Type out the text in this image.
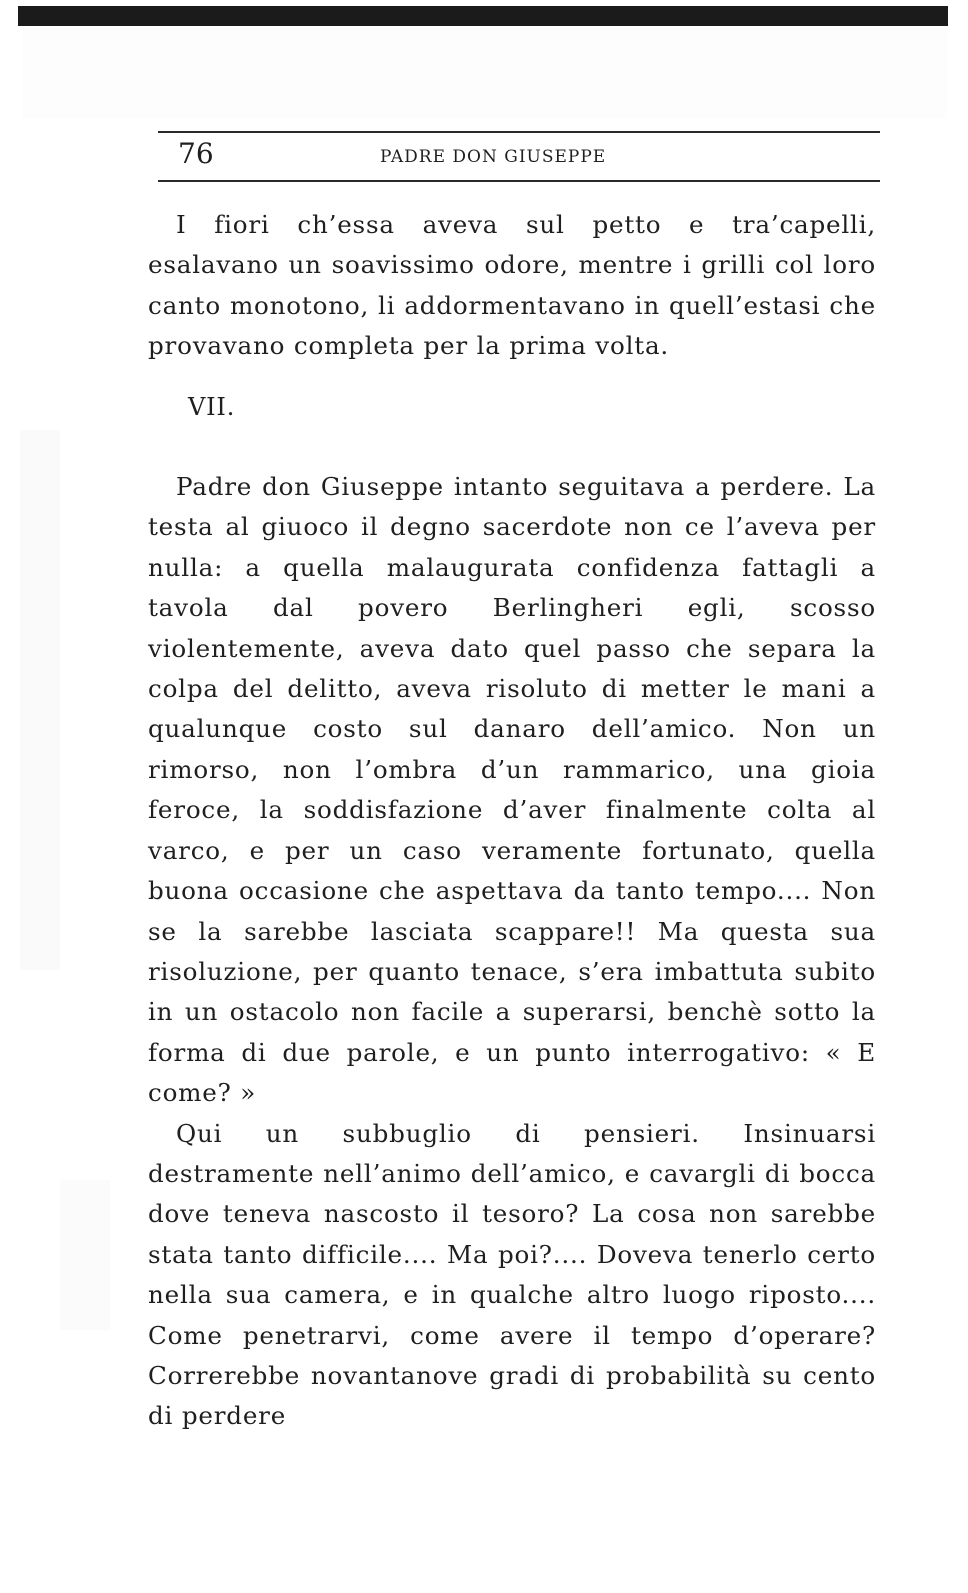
76	PADRE DON GIUSEPPE

I fiori ch’essa aveva sul petto e tra’capelli, esalavano un soavissimo odore, mentre i grilli col loro canto monotono, li addormentavano in quell’estasi che provavano completa per la prima volta.

VII.

Padre don Giuseppe intanto seguitava a perdere. La testa al giuoco il degno sacerdote non ce l’aveva per nulla: a quella malaugurata confidenza fattagli a tavola dal povero Berlingheri egli, scosso violentemente, aveva dato quel passo che separa la colpa del delitto, aveva risoluto di metter le mani a qualunque costo sul danaro dell’amico. Non un rimorso, non l’ombra d’un rammarico, una gioia feroce, la soddisfazione d’aver finalmente colta al varco, e per un caso veramente fortunato, quella buona occasione che aspettava da tanto tempo.... Non se la sarebbe lasciata scappare!! Ma questa sua risoluzione, per quanto tenace, s’era imbattuta subito in un ostacolo non facile a superarsi, benchè sotto la forma di due parole, e un punto interrogativo: « E come? »

Qui un subbuglio di pensieri. Insinuarsi destramente nell’animo dell’amico, e cavargli di bocca dove teneva nascosto il tesoro? La cosa non sarebbe stata tanto difficile.... Ma poi?.... Doveva tenerlo certo nella sua camera, e in qualche altro luogo riposto.... Come penetrarvi, come avere il tempo d’operare? Correrebbe novantanove gradi di probabilità su cento di perdere
